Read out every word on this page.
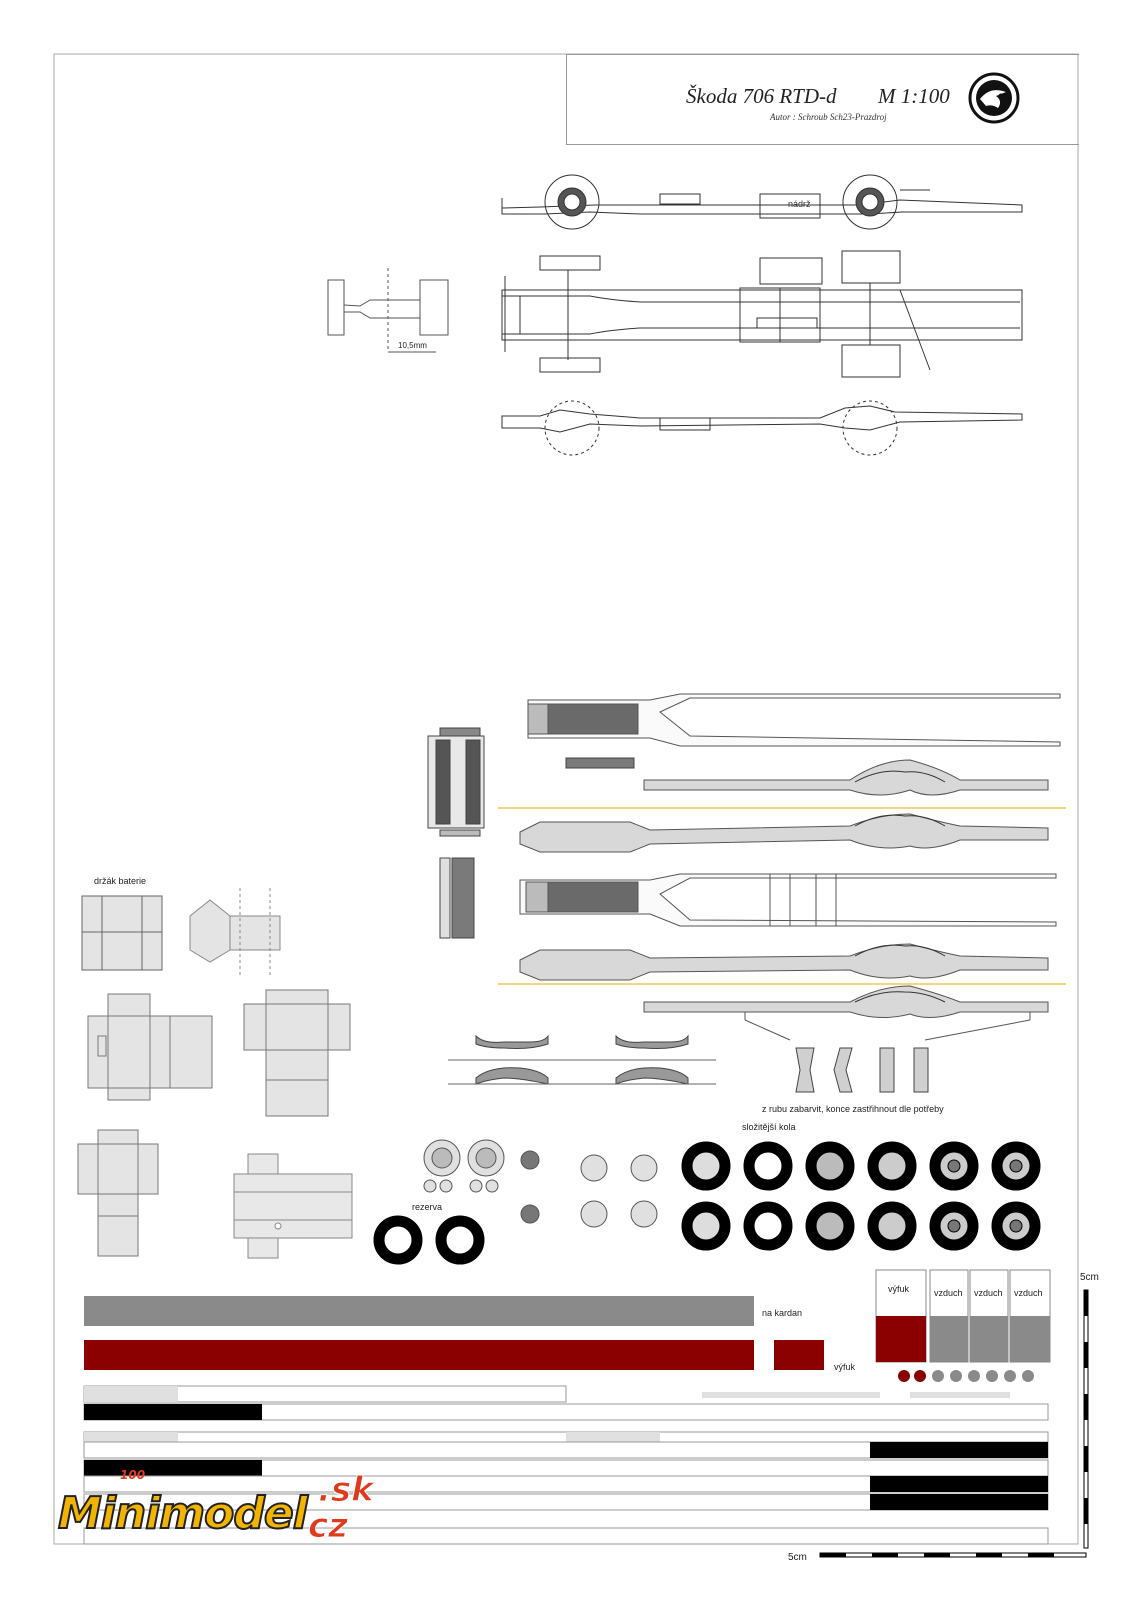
nádrž
10,5mm
držák baterie
z rubu zabarvit, konce zastřihnout dle potřeby
složitější kola
rezerva
výfuk	vzduch vzduch vzduch
na kardan
výfuk
5cm
5cm
Škoda 706 RTD-d M 1:100
Autor : Schroub Sch23-Prazdroj
100
Minimodel .sk
cz
